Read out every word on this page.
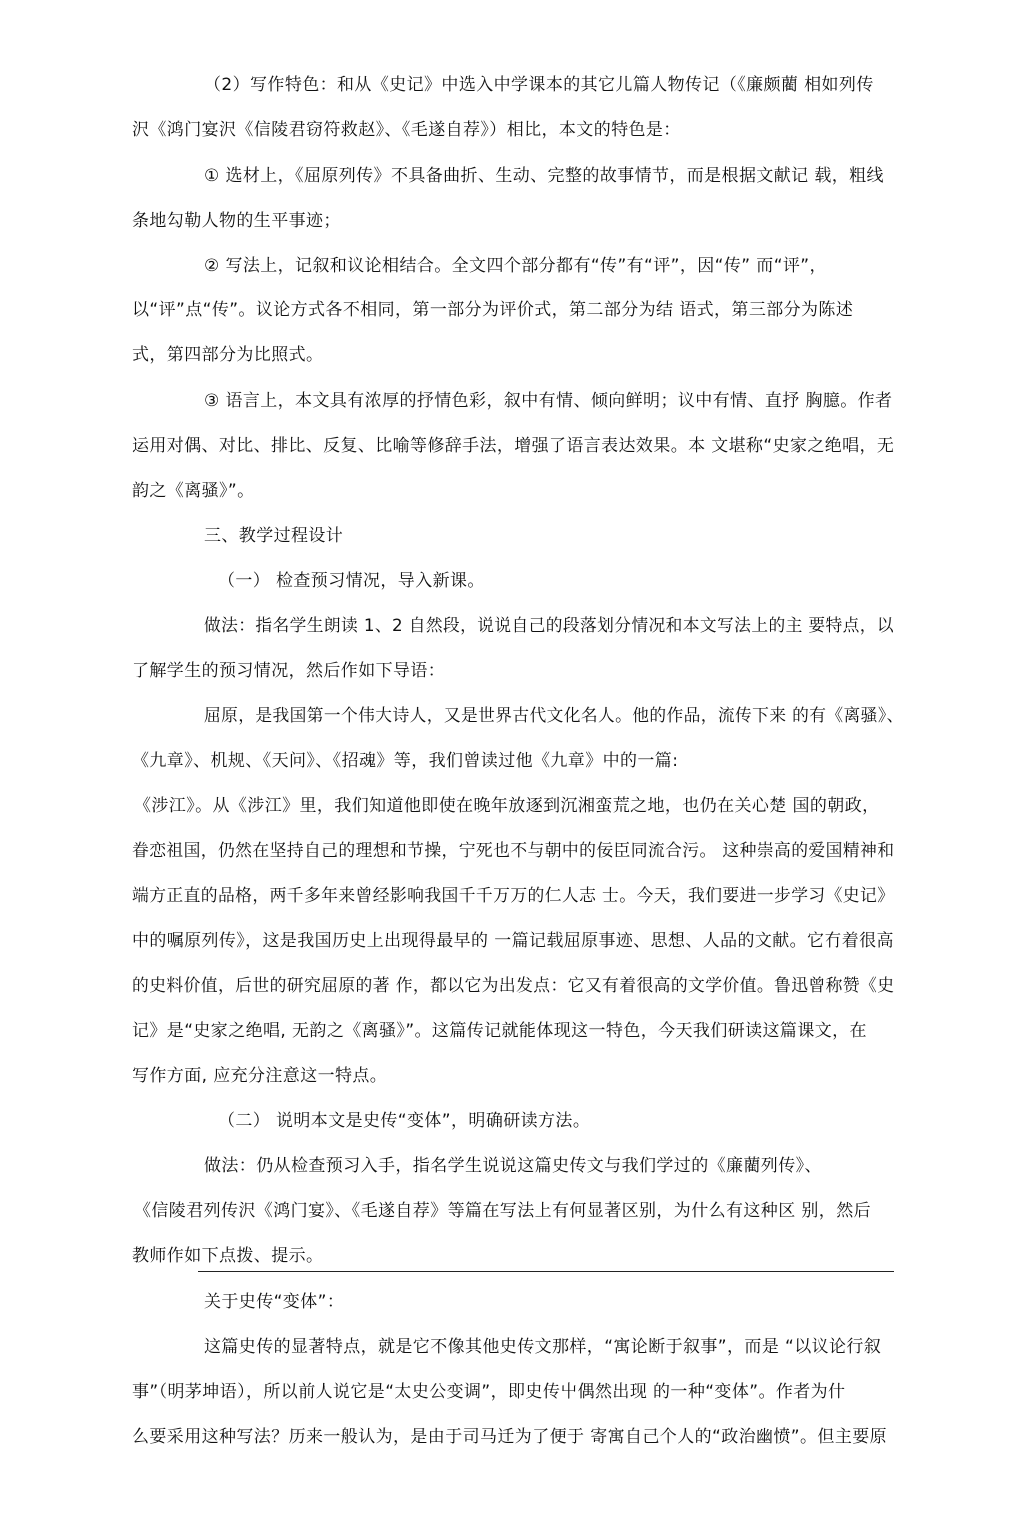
（2）写作特色：和从《史记》中选入中学课本的其它儿篇人物传记（《廉颇藺 相如列传
沢《鸿门宴沢《信陵君窃符救赵》、《毛遂自荐》）相比，本文的特色是：
① 选材上，《屈原列传》不具备曲折、生动、完整的故事情节，而是根据文献记 载，粗线
条地勾勒人物的生平事迹；
② 写法上，记叙和议论相结合。全文四个部分都有“传”有“评”，因“传” 而“评”，
以“评”点“传”。议论方式各不相同，第一部分为评价式，第二部分为结 语式，第三部分为陈述
式，第四部分为比照式。
③ 语言上，本文具有浓厚的抒情色彩，叙中有情、倾向鲜明；议中有情、直抒 胸臆。作者
运用对偶、对比、排比、反复、比喻等修辞手法，增强了语言表达效果。本 文堪称“史家之绝唱，无
韵之《离骚》”。
三、教学过程设计
（一） 检查预习情况，导入新课。
做法：指名学生朗读 1、2 自然段，说说自己的段落划分情况和本文写法上的主 要特点，以
了解学生的预习情况，然后作如下导语：
屈原，是我国第一个伟大诗人，又是世界古代文化名人。他的作品，流传下来 的有《离骚》、
《九章》、机规、《天问》、《招魂》等，我们曾读过他《九章》中的一篇:
《涉江》。从《涉江》里，我们知道他即使在晚年放逐到沉湘蛮荒之地，也仍在关心楚 国的朝政，
眷恋祖国，仍然在坚持自己的理想和节操，宁死也不与朝中的佞臣同流合污。 这种崇高的爱国精神和
端方正直的品格，两千多年来曾经影响我国千千万万的仁人志 士。今天，我们要进一步学习《史记》
中的嘱原列传》，这是我国历史上出现得最早的 一篇记载屈原事迹、思想、人品的文献。它冇着很高
的史料价值，后世的研究屈原的著 作，都以它为出发点：它又有着很高的文学价值。鲁迅曾称赞《史
记》是“史家之绝唱, 无韵之《离骚》”。这篇传记就能体现这一特色，今天我们研读这篇课文，在
写作方面, 应充分注意这一特点。
（二） 说明本文是史传“变体”，明确研读方法。
做法：仍从检查预习入手，指名学生说说这篇史传文与我们学过的《廉藺列传》、
《信陵君列传沢《鸿门宴》、《毛遂自荐》等篇在写法上有何显著区别，为什么有这种区 别，然后
教师作如下点拨、提示。
关于史传“变体”：
这篇史传的显著特点，就是它不像其他史传文那样，“寓论断于叙事”，而是 “以议论行叙
事”（明茅坤语），所以前人说它是“太史公变调”，即史传屮偶然出现 的一种“变体”。作者为什
么要采用这种写法？历来一般认为，是由于司马迁为了便于 寄寓自己个人的“政治幽愤”。但主要原
